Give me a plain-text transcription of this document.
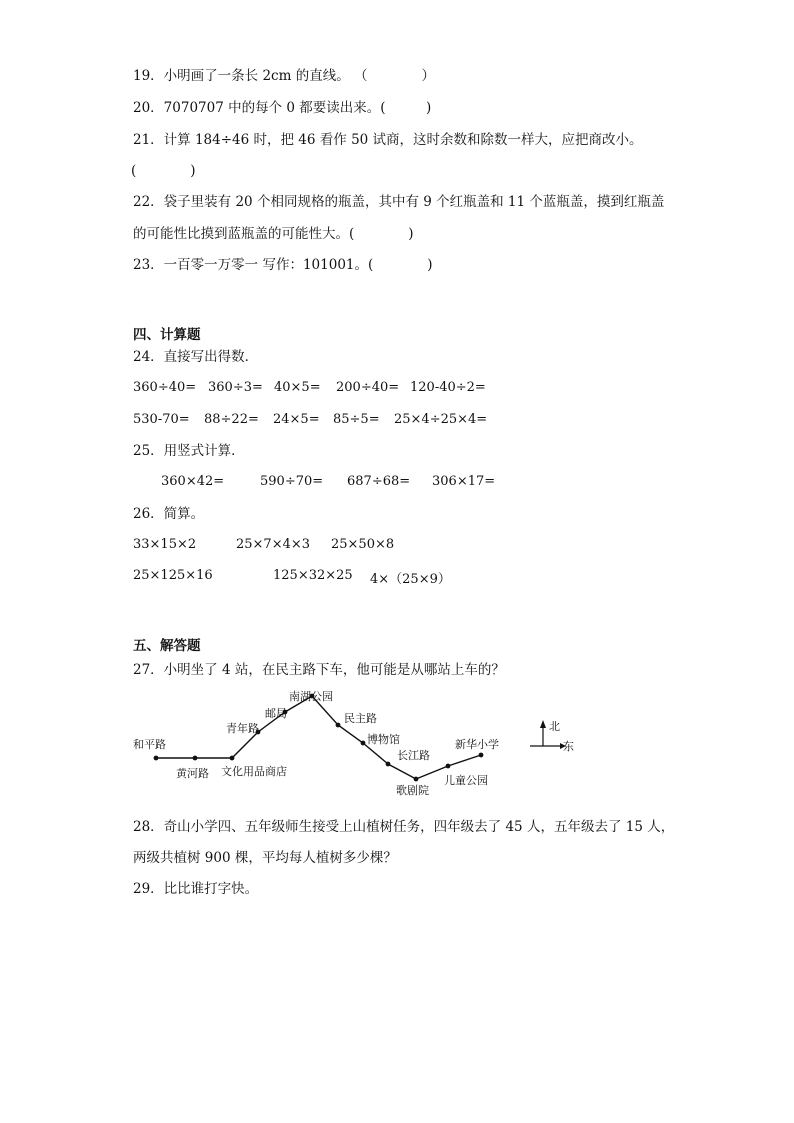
19．小明画了一条长 2cm 的直线。 （　　　　）
20．7070707 中的每个 0 都要读出来。(　　　)
21．计算 184÷46 时，把 46 看作 50 试商，这时余数和除数一样大，应把商改小。
(　　　　)
22．袋子里装有 20 个相同规格的瓶盖，其中有 9 个红瓶盖和 11 个蓝瓶盖，摸到红瓶盖
的可能性比摸到蓝瓶盖的可能性大。(　　　　)
23．一百零一万零一 写作：101001。(　　　　)
四、计算题
24．直接写出得数．
360÷40= 360÷3= 40×5= 200÷40= 120-40÷2=
530-70= 88÷22= 24×5= 85÷5= 25×4÷25×4=
25．用竖式计算．
360×42=	590÷70= 687÷68= 306×17=
26．简算。
33×15×2	25×7×4×3 25×50×8
25×125×16	125×32×25 4×（25×9）
五、解答题
27．小明坐了 4 站，在民主路下车，他可能是从哪站上车的？
和平路
黄河路 文化用品商店
青年路
邮局
南湖公园
民主路
博物馆
长江路
歌剧院
儿童公园
新华小学
北
东
28．奇山小学四、五年级师生接受上山植树任务，四年级去了 45 人，五年级去了 15 人，
两级共植树 900 棵，平均每人植树多少棵？
29．比比谁打字快。
